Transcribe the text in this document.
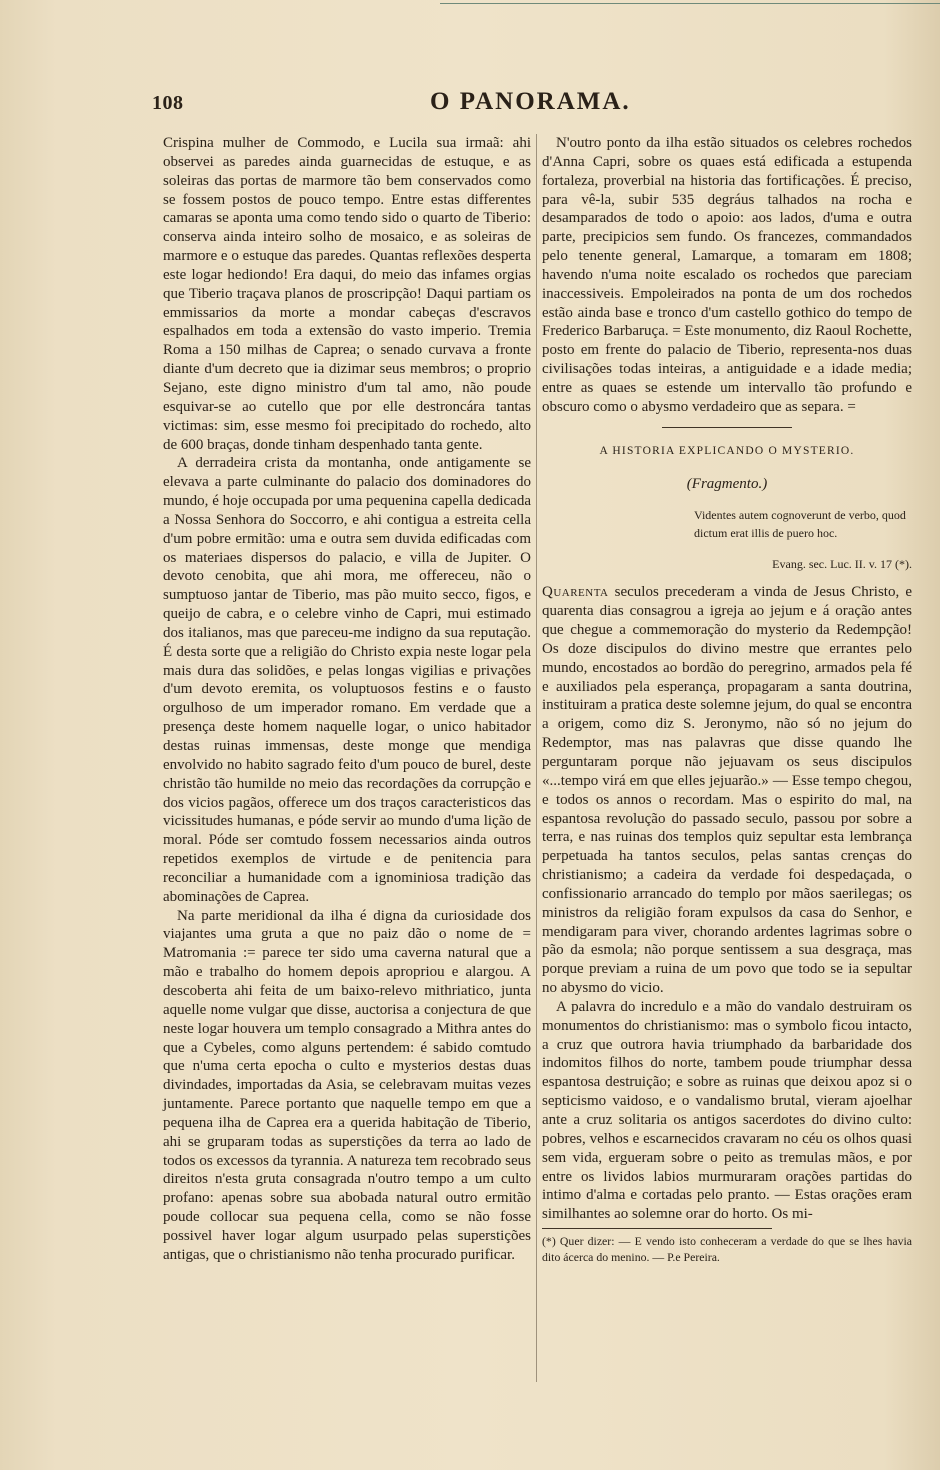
108	O PANORAMA.

Crispina mulher de Commodo, e Lucila sua irmaã: ahi observei as paredes ainda guarnecidas de estuque, e as soleiras das portas de marmore tão bem conservados como se fossem postos de pouco tempo. Entre estas differentes camaras se aponta uma como tendo sido o quarto de Tiberio: conserva ainda inteiro solho de mosaico, e as soleiras de marmore e o estuque das paredes. Quantas reflexões desperta este logar hediondo! Era daqui, do meio das infames orgias que Tiberio traçava planos de proscripção! Daqui partiam os emmissarios da morte a mondar cabeças d'escravos espalhados em toda a extensão do vasto imperio. Tremia Roma a 150 milhas de Caprea; o senado curvava a fronte diante d'um decreto que ia dizimar seus membros; o proprio Sejano, este digno ministro d'um tal amo, não poude esquivar-se ao cutello que por elle destroncára tantas victimas: sim, esse mesmo foi precipitado do rochedo, alto de 600 braças, donde tinham despenhado tanta gente.

A derradeira crista da montanha, onde antigamente se elevava a parte culminante do palacio dos dominadores do mundo, é hoje occupada por uma pequenina capella dedicada a Nossa Senhora do Soccorro, e ahi contigua a estreita cella d'um pobre ermitão: uma e outra sem duvida edificadas com os materiaes dispersos do palacio, e villa de Jupiter. O devoto cenobita, que ahi mora, me offereceu, não o sumptuoso jantar de Tiberio, mas pão muito secco, figos, e queijo de cabra, e o celebre vinho de Capri, mui estimado dos italianos, mas que pareceu-me indigno da sua reputação. É desta sorte que a religião do Christo expia neste logar pela mais dura das solidões, e pelas longas vigilias e privações d'um devoto eremita, os voluptuosos festins e o fausto orgulhoso de um imperador romano. Em verdade que a presença deste homem naquelle logar, o unico habitador destas ruinas immensas, deste monge que mendiga envolvido no habito sagrado feito d'um pouco de burel, deste christão tão humilde no meio das recordações da corrupção e dos vicios pagãos, offerece um dos traços caracteristicos das vicissitudes humanas, e póde servir ao mundo d'uma lição de moral. Póde ser comtudo fossem necessarios ainda outros repetidos exemplos de virtude e de penitencia para reconciliar a humanidade com a ignominiosa tradição das abominações de Caprea.

Na parte meridional da ilha é digna da curiosidade dos viajantes uma gruta a que no paiz dão o nome de = Matromania := parece ter sido uma caverna natural que a mão e trabalho do homem depois apropriou e alargou. A descoberta ahi feita de um baixo-relevo mithriatico, junta aquelle nome vulgar que disse, auctorisa a conjectura de que neste logar houvera um templo consagrado a Mithra antes do que a Cybeles, como alguns pertendem: é sabido comtudo que n'uma certa epocha o culto e mysterios destas duas divindades, importadas da Asia, se celebravam muitas vezes juntamente. Parece portanto que naquelle tempo em que a pequena ilha de Caprea era a querida habitação de Tiberio, ahi se gruparam todas as superstições da terra ao lado de todos os excessos da tyrannia. A natureza tem recobrado seus direitos n'esta gruta consagrada n'outro tempo a um culto profano: apenas sobre sua abobada natural outro ermitão poude collocar sua pequena cella, como se não fosse possivel haver logar algum usurpado pelas superstições antigas, que o christianismo não tenha procurado purificar.

N'outro ponto da ilha estão situados os celebres rochedos d'Anna Capri, sobre os quaes está edificada a estupenda fortaleza, proverbial na historia das fortificações. É preciso, para vê-la, subir 535 degráus talhados na rocha e desamparados de todo o apoio: aos lados, d'uma e outra parte, precipicios sem fundo. Os francezes, commandados pelo tenente general, Lamarque, a tomaram em 1808; havendo n'uma noite escalado os rochedos que pareciam inaccessiveis. Empoleirados na ponta de um dos rochedos estão ainda base e tronco d'um castello gothico do tempo de Frederico Barbaruça. = Este monumento, diz Raoul Rochette, posto em frente do palacio de Tiberio, representa-nos duas civilisações todas inteiras, a antiguidade e a idade media; entre as quaes se estende um intervallo tão profundo e obscuro como o abysmo verdadeiro que as separa. =

A HISTORIA EXPLICANDO O MYSTERIO.

(Fragmento.)

Videntes autem cognoverunt de verbo, quod dictum erat illis de puero hoc.

Evang. sec. Luc. II. v. 17 (*).

Quarenta seculos precederam a vinda de Jesus Christo, e quarenta dias consagrou a igreja ao jejum e á oração antes que chegue a commemoração do mysterio da Redempção! Os doze discipulos do divino mestre que errantes pelo mundo, encostados ao bordão do peregrino, armados pela fé e auxiliados pela esperança, propagaram a santa doutrina, instituiram a pratica deste solemne jejum, do qual se encontra a origem, como diz S. Jeronymo, não só no jejum do Redemptor, mas nas palavras que disse quando lhe perguntaram porque não jejuavam os seus discipulos «...tempo virá em que elles jejuarão.» — Esse tempo chegou, e todos os annos o recordam. Mas o espirito do mal, na espantosa revolução do passado seculo, passou por sobre a terra, e nas ruinas dos templos quiz sepultar esta lembrança perpetuada ha tantos seculos, pelas santas crenças do christianismo; a cadeira da verdade foi despedaçada, o confissionario arrancado do templo por mãos saerilegas; os ministros da religião foram expulsos da casa do Senhor, e mendigaram para viver, chorando ardentes lagrimas sobre o pão da esmola; não porque sentissem a sua desgraça, mas porque previam a ruina de um povo que todo se ia sepultar no abysmo do vicio.

A palavra do incredulo e a mão do vandalo destruiram os monumentos do christianismo: mas o symbolo ficou intacto, a cruz que outrora havia triumphado da barbaridade dos indomitos filhos do norte, tambem poude triumphar dessa espantosa destruição; e sobre as ruinas que deixou apoz si o septicismo vaidoso, e o vandalismo brutal, vieram ajoelhar ante a cruz solitaria os antigos sacerdotes do divino culto: pobres, velhos e escarnecidos cravaram no céu os olhos quasi sem vida, ergueram sobre o peito as tremulas mãos, e por entre os lividos labios murmuraram orações partidas do intimo d'alma e cortadas pelo pranto. — Estas orações eram similhantes ao solemne orar do horto. Os mi-

(*) Quer dizer: — E vendo isto conheceram a verdade do que se lhes havia dito ácerca do menino. — P.e Pereira.
